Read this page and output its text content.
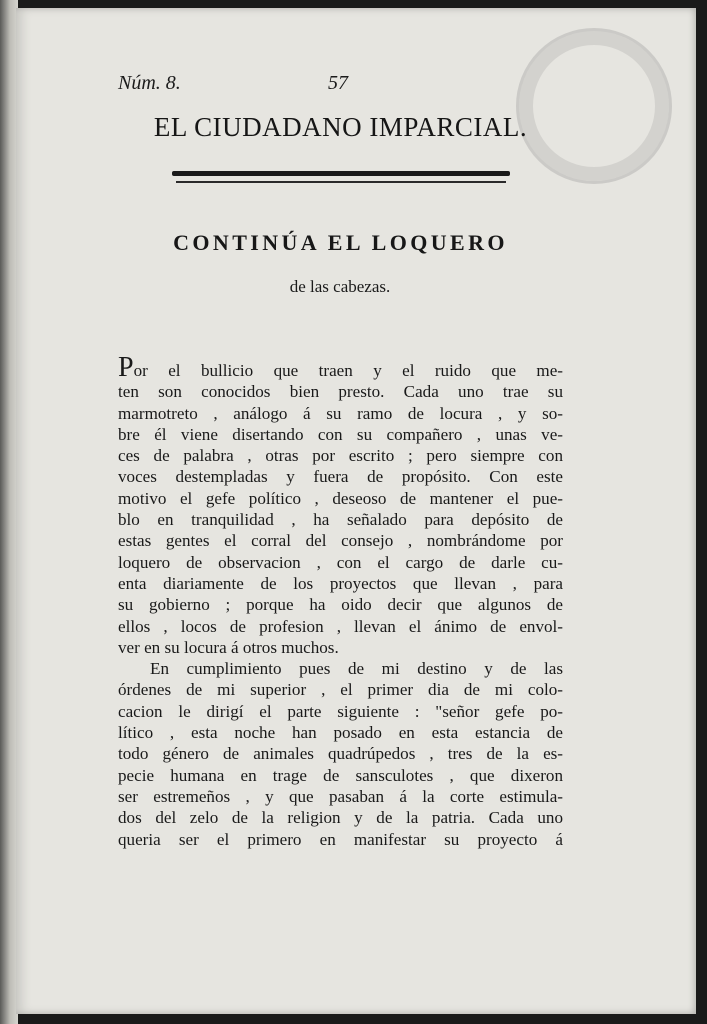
Núm. 8.	57
EL CIUDADANO IMPARCIAL.
CONTINÚA EL LOQUERO
de las cabezas.

Por el bullicio que traen y el ruido que me-

ten son conocidos bien presto. Cada uno trae su

marmotreto , análogo á su ramo de locura , y so-

bre él viene disertando con su compañero , unas ve-

ces de palabra , otras por escrito ; pero siempre con

voces destempladas y fuera de propósito. Con este

motivo el gefe político , deseoso de mantener el pue-

blo en tranquilidad , ha señalado para depósito de

estas gentes el corral del consejo , nombrándome por

loquero de observacion , con el cargo de darle cu-

enta diariamente de los proyectos que llevan , para

su gobierno ; porque ha oido decir que algunos de

ellos , locos de profesion , llevan el ánimo de envol-

ver en su locura á otros muchos.

En cumplimiento pues de mi destino y de las

órdenes de mi superior , el primer dia de mi colo-

cacion le dirigí el parte siguiente : "señor gefe po-

lítico , esta noche han posado en esta estancia de

todo género de animales quadrúpedos , tres de la es-

pecie humana en trage de sansculotes , que dixeron

ser estremeños , y que pasaban á la corte estimula-

dos del zelo de la religion y de la patria. Cada uno

queria ser el primero en manifestar su proyecto á
